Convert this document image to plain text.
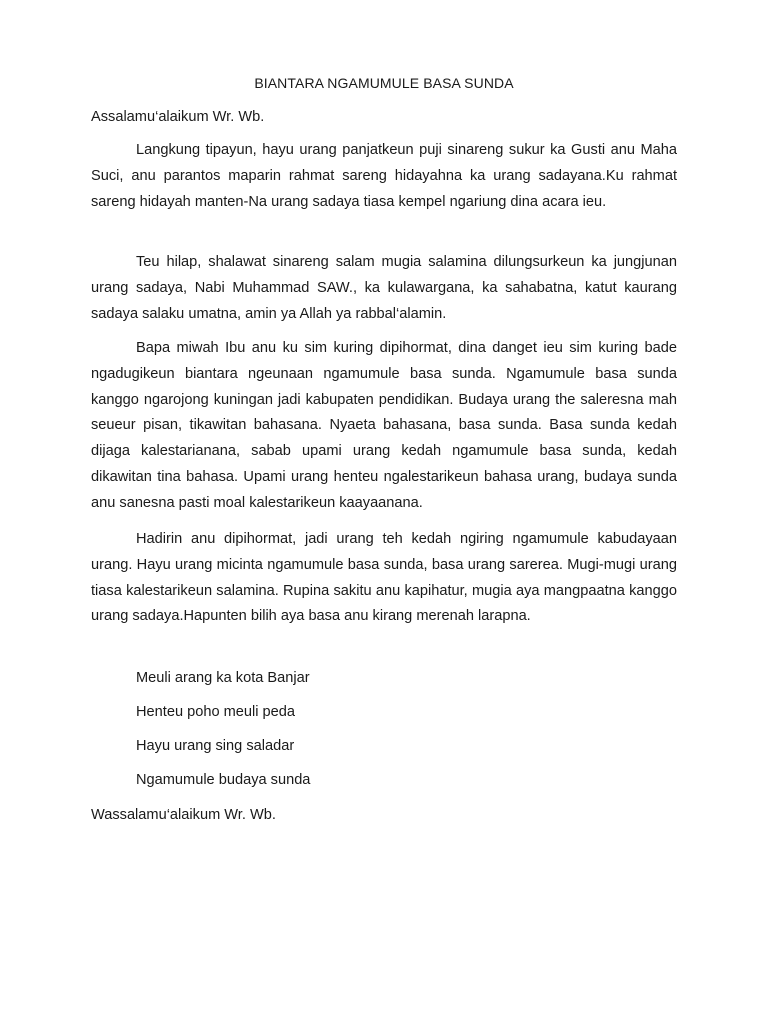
BIANTARA NGAMUMULE BASA SUNDA
Assalamu‘alaikum Wr. Wb.

Langkung tipayun, hayu urang panjatkeun puji sinareng sukur ka Gusti anu Maha Suci, anu parantos maparin rahmat sareng hidayahna ka urang sadayana.Ku rahmat sareng hidayah manten-Na urang sadaya tiasa kempel ngariung dina acara ieu.

Teu hilap, shalawat sinareng salam mugia salamina dilungsurkeun ka jungjunan urang sadaya, Nabi Muhammad SAW., ka kulawargana, ka sahabatna, katut kaurang sadaya salaku umatna, amin ya Allah ya rabbal‘alamin.

Bapa miwah Ibu anu ku sim kuring dipihormat, dina danget ieu sim kuring bade ngadugikeun biantara ngeunaan ngamumule basa sunda. Ngamumule basa sunda kanggo ngarojong kuningan jadi kabupaten pendidikan. Budaya urang the saleresna mah seueur pisan, tikawitan bahasana. Nyaeta bahasana, basa sunda. Basa sunda kedah dijaga kalestarianana, sabab upami urang kedah ngamumule basa sunda, kedah dikawitan tina bahasa. Upami urang henteu ngalestarikeun bahasa urang, budaya sunda anu sanesna pasti moal kalestarikeun kaayaanana.

Hadirin anu dipihormat, jadi urang teh kedah ngiring ngamumule kabudayaan urang. Hayu urang micinta ngamumule basa sunda, basa urang sarerea. Mugi-mugi urang tiasa kalestarikeun salamina. Rupina sakitu anu kapihatur, mugia aya mangpaatna kanggo urang sadaya.Hapunten bilih aya basa anu kirang merenah larapna.

Meuli arang ka kota Banjar
Henteu poho meuli peda
Hayu urang sing saladar
Ngamumule budaya sunda
Wassalamu‘alaikum Wr. Wb.
